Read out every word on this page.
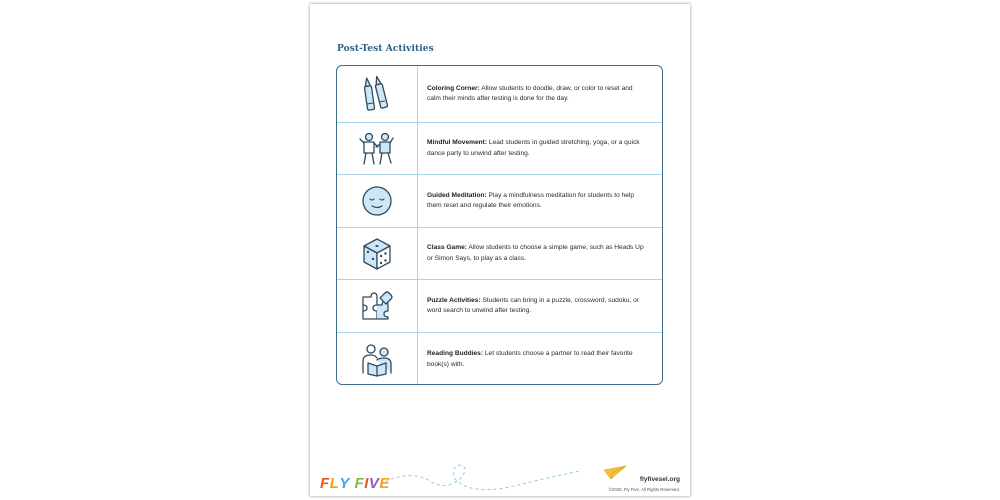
Post-Test Activities
Coloring Corner: Allow students to doodle, draw, or color to reset and calm their minds after testing is done for the day.
Mindful Movement: Lead students in guided stretching, yoga, or a quick dance party to unwind after testing.
Guided Meditation: Play a mindfulness meditation for students to help them reset and regulate their emotions.
Class Game: Allow students to choose a simple game, such as Heads Up or Simon Says, to play as a class.
Puzzle Activities: Students can bring in a puzzle, crossword, sudoku, or word search to unwind after testing.
Reading Buddies: Let students choose a partner to read their favorite book(s) with.
FLY FIVE	flyfivesel.org
©2025. Fly Five. All Rights Reserved.
